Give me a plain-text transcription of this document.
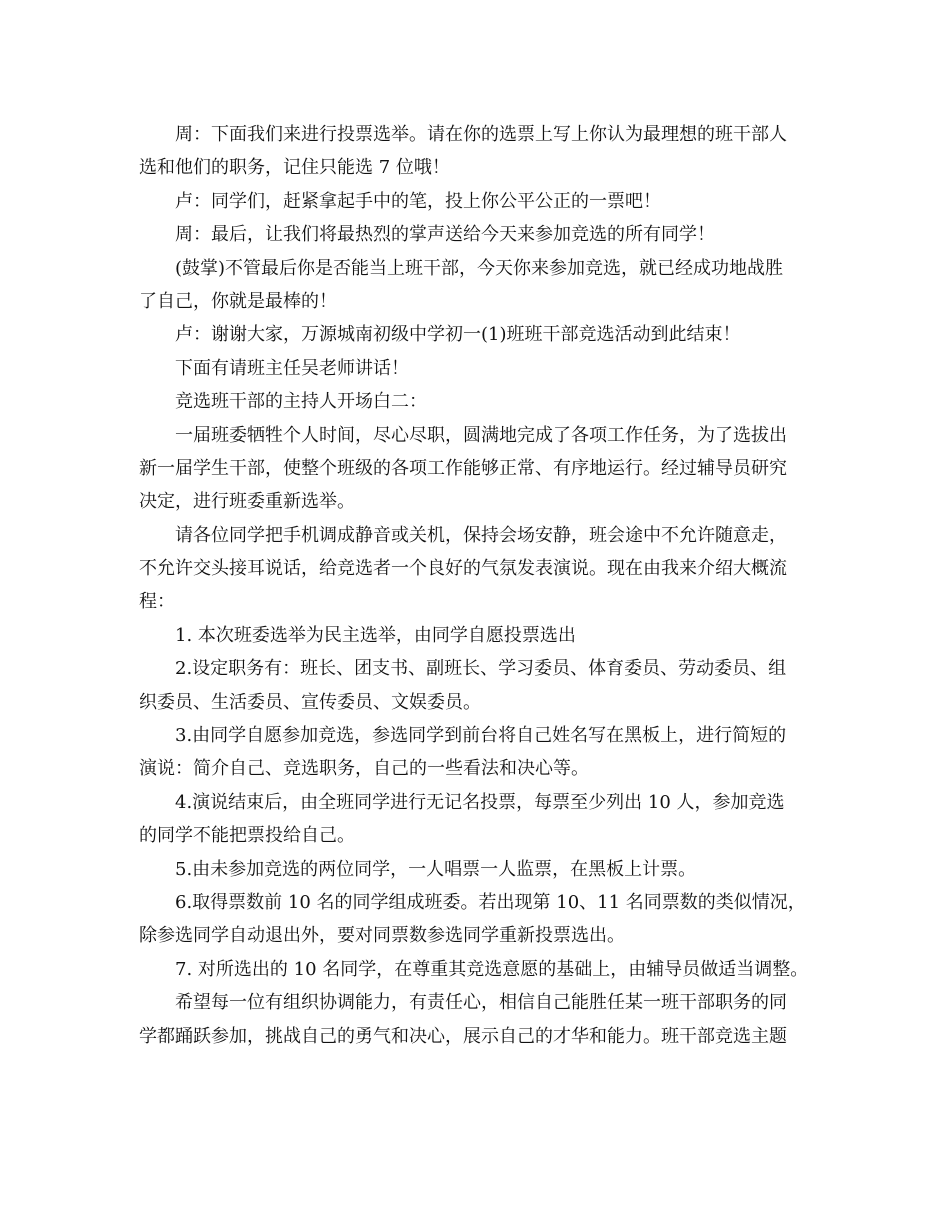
周：下面我们来进行投票选举。请在你的选票上写上你认为最理想的班干部人
选和他们的职务，记住只能选 7 位哦！
卢：同学们，赶紧拿起手中的笔，投上你公平公正的一票吧！
周：最后，让我们将最热烈的掌声送给今天来参加竞选的所有同学！
(鼓掌)不管最后你是否能当上班干部，今天你来参加竞选，就已经成功地战胜
了自己，你就是最棒的！
卢：谢谢大家，万源城南初级中学初一(1)班班干部竞选活动到此结束！
下面有请班主任吴老师讲话！
竞选班干部的主持人开场白二：
一届班委牺牲个人时间，尽心尽职，圆满地完成了各项工作任务，为了选拔出
新一届学生干部，使整个班级的各项工作能够正常、有序地运行。经过辅导员研究
决定，进行班委重新选举。
请各位同学把手机调成静音或关机，保持会场安静，班会途中不允许随意走，
不允许交头接耳说话，给竞选者一个良好的气氛发表演说。现在由我来介绍大概流
程：
1. 本次班委选举为民主选举，由同学自愿投票选出
2.设定职务有：班长、团支书、副班长、学习委员、体育委员、劳动委员、组
织委员、生活委员、宣传委员、文娱委员。
3.由同学自愿参加竞选，参选同学到前台将自己姓名写在黑板上，进行简短的
演说：简介自己、竞选职务，自己的一些看法和决心等。
4.演说结束后，由全班同学进行无记名投票，每票至少列出 10 人，参加竞选
的同学不能把票投给自己。
5.由未参加竞选的两位同学，一人唱票一人监票，在黑板上计票。
6.取得票数前 10 名的同学组成班委。若出现第 10、11 名同票数的类似情况，
除参选同学自动退出外，要对同票数参选同学重新投票选出。
7. 对所选出的 10 名同学，在尊重其竞选意愿的基础上，由辅导员做适当调整。
希望每一位有组织协调能力，有责任心，相信自己能胜任某一班干部职务的同
学都踊跃参加，挑战自己的勇气和决心，展示自己的才华和能力。班干部竞选主题
